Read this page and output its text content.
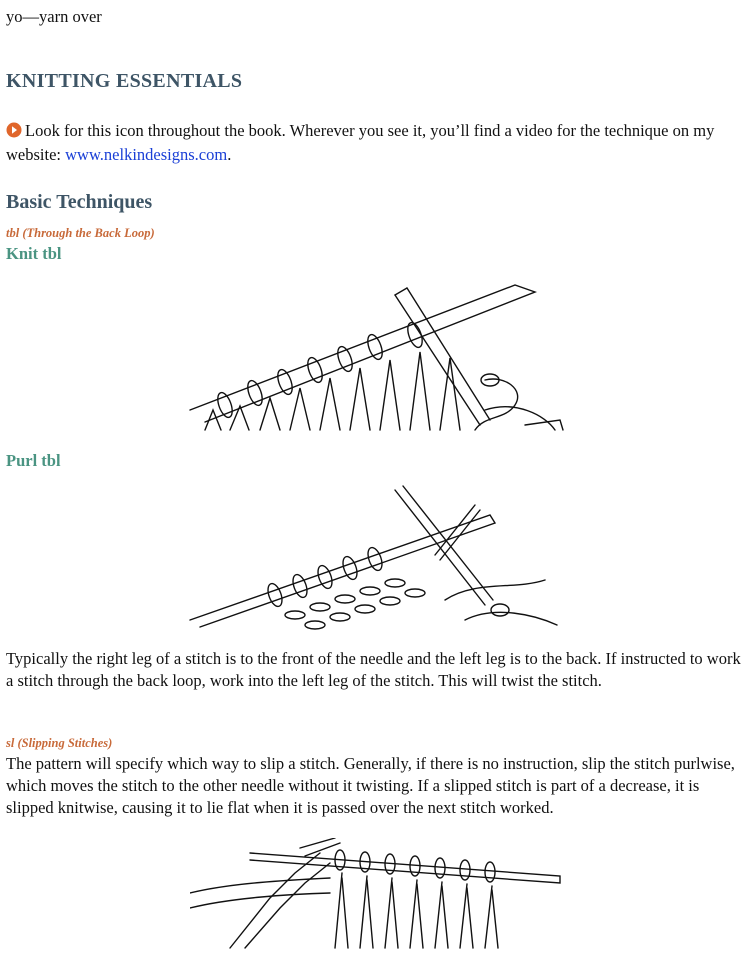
yo—yarn over
KNITTING ESSENTIALS
Look for this icon throughout the book. Wherever you see it, you’ll find a video for the technique on my website: www.nelkindesigns.com.
Basic Techniques
tbl (Through the Back Loop)
Knit tbl
Purl tbl
Typically the right leg of a stitch is to the front of the needle and the left leg is to the back. If instructed to work a stitch through the back loop, work into the left leg of the stitch. This will twist the stitch.
sl (Slipping Stitches)
The pattern will specify which way to slip a stitch. Generally, if there is no instruction, slip the stitch purlwise, which moves the stitch to the other needle without it twisting. If a slipped stitch is part of a decrease, it is slipped knitwise, causing it to lie flat when it is passed over the next stitch worked.
